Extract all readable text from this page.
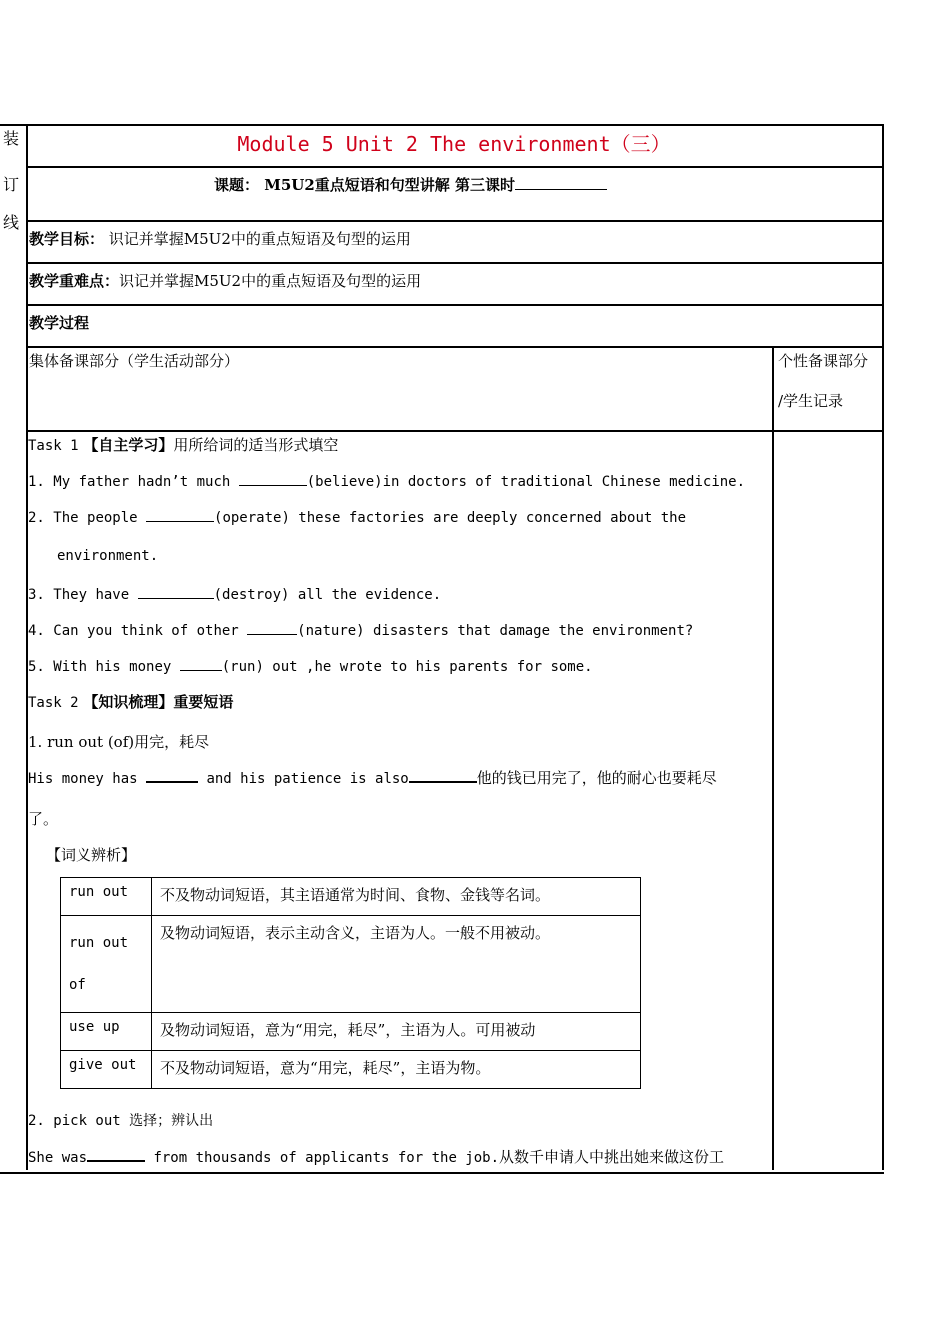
装
订
线
Module 5 Unit 2 The environment（三）
课题： M5U2重点短语和句型讲解 第三课时
教学目标： 识记并掌握M5U2中的重点短语及句型的运用
教学重难点：识记并掌握M5U2中的重点短语及句型的运用
教学过程
集体备课部分（学生活动部分）	个性备课部分
/学生记录
Task 1 【自主学习】用所给词的适当形式填空
1. My father hadn’t much	(believe)in doctors of traditional Chinese medicine.
2. The people	(operate) these factories are deeply concerned about the
environment.
3. They have	(destroy) all the evidence.
4. Can you think of other	(nature) disasters that damage the environment?
5. With his money	(run) out ,he wrote to his parents for some.
Task 2 【知识梳理】重要短语
1. run out (of)用完，耗尽
His money has	and his patience is also	他的钱已用完了，他的耐心也要耗尽
了。
【词义辨析】
run out	不及物动词短语，其主语通常为时间、食物、金钱等名词。
run out of	及物动词短语，表示主动含义，主语为人。一般不用被动。
use up	及物动词短语，意为“用完，耗尽”，主语为人。可用被动
give out	不及物动词短语，意为“用完，耗尽”，主语为物。
2. pick out 选择；辨认出
She was	from thousands of applicants for the job.从数千申请人中挑出她来做这份工
